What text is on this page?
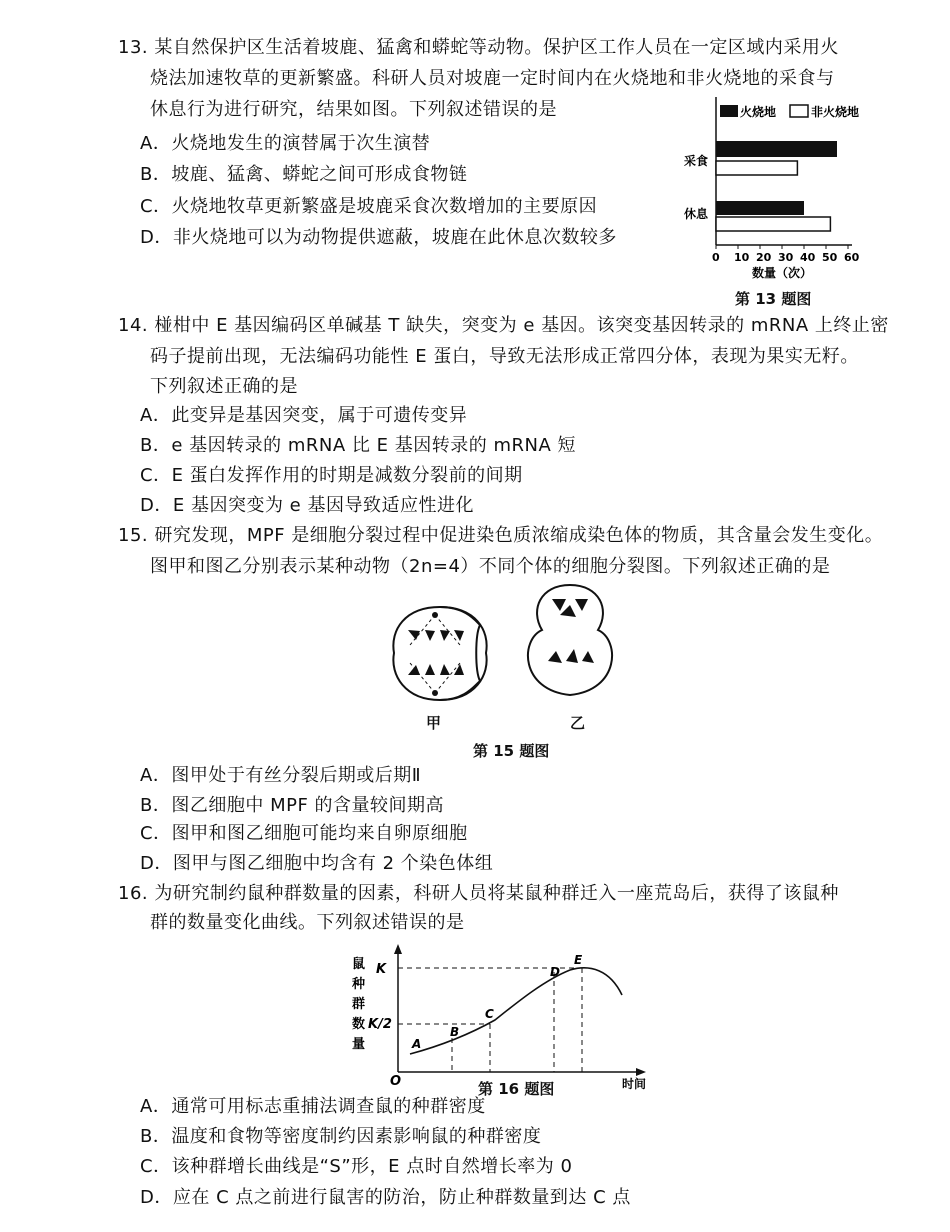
13. 某自然保护区生活着坡鹿、猛禽和蟒蛇等动物。保护区工作人员在一定区域内采用火
烧法加速牧草的更新繁盛。科研人员对坡鹿一定时间内在火烧地和非火烧地的采食与
休息行为进行研究，结果如图。下列叙述错误的是
A．火烧地发生的演替属于次生演替
B．坡鹿、猛禽、蟒蛇之间可形成食物链
C．火烧地牧草更新繁盛是坡鹿采食次数增加的主要原因
D．非火烧地可以为动物提供遮蔽，坡鹿在此休息次数较多
火烧地	非火烧地
采食
休息
0 10 20 30 40 50 60
数量（次）
第 13 题图
14. 椪柑中 E 基因编码区单碱基 T 缺失，突变为 e 基因。该突变基因转录的 mRNA 上终止密
码子提前出现，无法编码功能性 E 蛋白，导致无法形成正常四分体，表现为果实无籽。
下列叙述正确的是
A．此变异是基因突变，属于可遗传变异
B．e 基因转录的 mRNA 比 E 基因转录的 mRNA 短
C．E 蛋白发挥作用的时期是减数分裂前的间期
D．E 基因突变为 e 基因导致适应性进化
15. 研究发现，MPF 是细胞分裂过程中促进染色质浓缩成染色体的物质，其含量会发生变化。
图甲和图乙分别表示某种动物（2n=4）不同个体的细胞分裂图。下列叙述正确的是
甲	乙
第 15 题图
A．图甲处于有丝分裂后期或后期Ⅱ
B．图乙细胞中 MPF 的含量较间期高
C．图甲和图乙细胞可能均来自卵原细胞
D．图甲与图乙细胞中均含有 2 个染色体组
16. 为研究制约鼠种群数量的因素，科研人员将某鼠种群迁入一座荒岛后，获得了该鼠种
群的数量变化曲线。下列叙述错误的是
鼠
种
群
数
量
O	时间
K
K/2
A
B
C
D
E
第 16 题图
A．通常可用标志重捕法调查鼠的种群密度
B．温度和食物等密度制约因素影响鼠的种群密度
C．该种群增长曲线是“S”形，E 点时自然增长率为 0
D．应在 C 点之前进行鼠害的防治，防止种群数量到达 C 点
